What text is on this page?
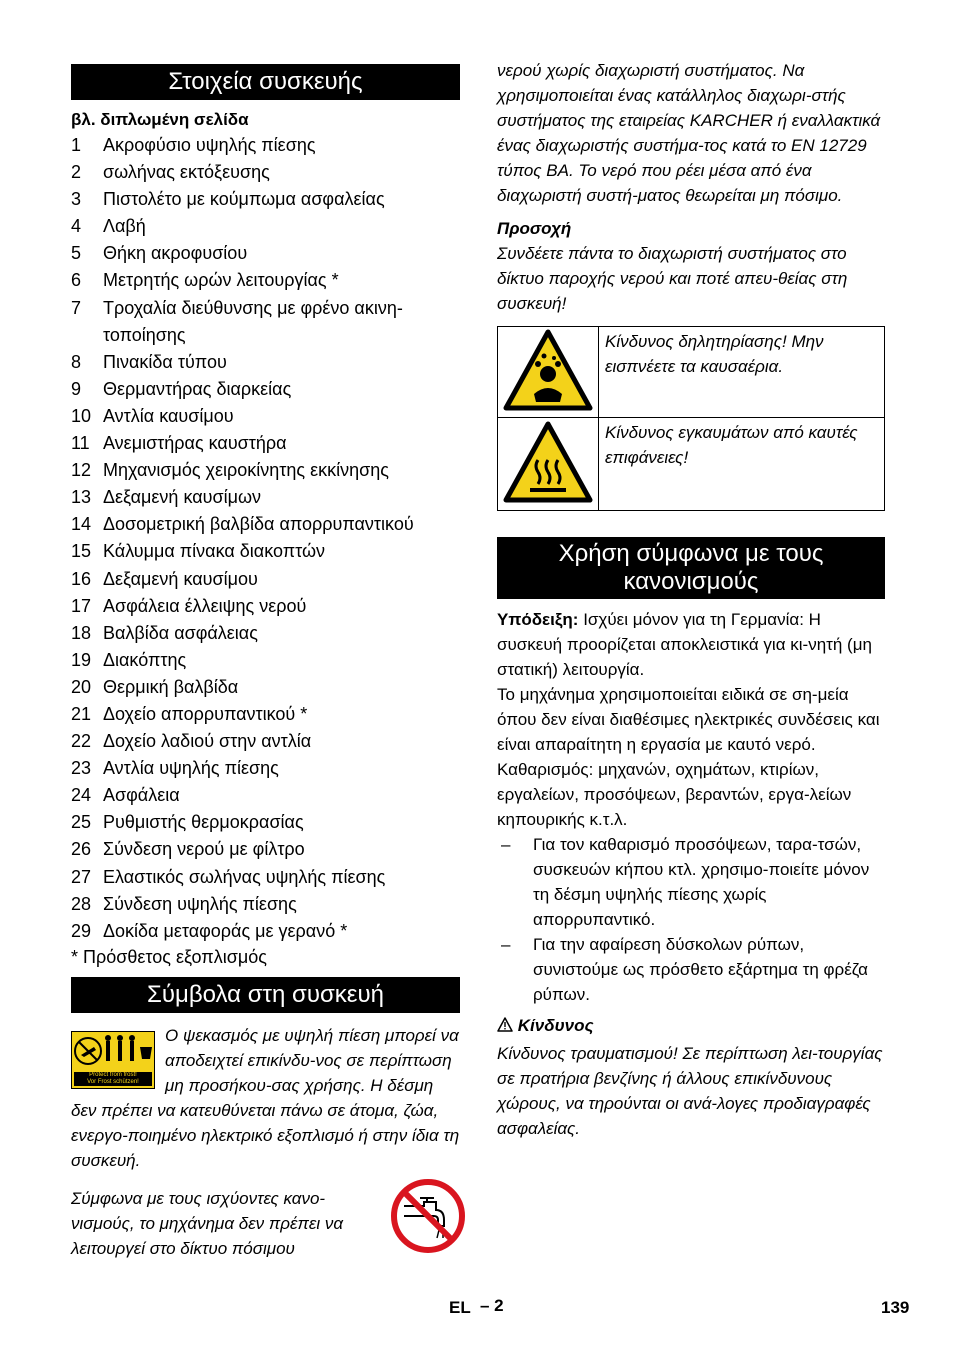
Στοιχεία συσκευής
βλ. διπλωμένη σελίδα
1	Ακροφύσιο υψηλής πίεσης
2	σωλήνας εκτόξευσης
3	Πιστολέτο με κούμπωμα ασφαλείας
4	Λαβή
5	Θήκη ακροφυσίου
6	Μετρητής ωρών λειτουργίας *
7	Τροχαλία διεύθυνσης με φρένο ακινη-τοποίησης
8	Πινακίδα τύπου
9	Θερμαντήρας διαρκείας
10 Αντλία καυσίμου
11 Ανεμιστήρας καυστήρα
12 Μηχανισμός χειροκίνητης εκκίνησης
13 Δεξαμενή καυσίμων
14 Δοσομετρική βαλβίδα απορρυπαντικού
15 Κάλυμμα πίνακα διακοπτών
16 Δεξαμενή καυσίμου
17 Ασφάλεια έλλειψης νερού
18 Βαλβίδα ασφάλειας
19 Διακόπτης
20 Θερμική βαλβίδα
21 Δοχείο απορρυπαντικού *
22 Δοχείο λαδιού στην αντλία
23 Αντλία υψηλής πίεσης
24 Ασφάλεια
25 Ρυθμιστής θερμοκρασίας
26 Σύνδεση νερού με φίλτρο
27 Ελαστικός σωλήνας υψηλής πίεσης
28 Σύνδεση υψηλής πίεσης
29 Δοκίδα μεταφοράς με γερανό *
* Πρόσθετος εξοπλισμός
Σύμβολα στη συσκευή
Protect from frost!
Vor Frost schützen!
Ο ψεκασμός με υψηλή πίεση μπορεί να αποδειχτεί επικίνδυ-νος σε περίπτωση μη προσήκου-σας χρήσης. Η δέσμη δεν πρέπει να κατευθύνεται πάνω σε άτομα, ζώα, ενεργο-ποιημένο ηλεκτρικό εξοπλισμό ή στην ίδια τη συσκευή.
Σύμφωνα με τους ισχύοντες κανο-νισμούς, το μηχάνημα δεν πρέπει να λειτουργεί στο δίκτυο πόσιμου
νερού χωρίς διαχωριστή συστήματος. Να χρησιμοποιείται ένας κατάλληλος διαχωρι-στής συστήματος της εταιρείας KARCHER ή εναλλακτικά ένας διαχωριστής συστήμα-τος κατά το EN 12729 τύπος BA. Το νερό που ρέει μέσα από ένα διαχωριστή συστή-ματος θεωρείται μη πόσιμο.
Προσοχή
Συνδέετε πάντα το διαχωριστή συστήματος στο δίκτυο παροχής νερού και ποτέ απευ-θείας στη συσκευή!
	Κίνδυνος δηλητηρίασης! Μην εισπνέετε τα καυσαέρια.
	Κίνδυνος εγκαυμάτων από καυτές επιφάνειες!
Χρήση σύμφωνα με τους κανονισμούς
Υπόδειξη: Ισχύει μόνον για τη Γερμανία: Η συσκευή προορίζεται αποκλειστικά για κι-νητή (μη στατική) λειτουργία.
Το μηχάνημα χρησιμοποιείται ειδικά σε ση-μεία όπου δεν είναι διαθέσιμες ηλεκτρικές συνδέσεις και είναι απαραίτητη η εργασία με καυτό νερό.
Καθαρισμός: μηχανών, οχημάτων, κτιρίων, εργαλείων, προσόψεων, βεραντών, εργα-λείων κηπουρικής κ.τ.λ.
–	Για τον καθαρισμό προσόψεων, ταρα-τσών, συσκευών κήπου κτλ. χρησιμο-ποιείτε μόνον τη δέσμη υψηλής πίεσης χωρίς απορρυπαντικό.
–	Για την αφαίρεση δύσκολων ρύπων, συνιστούμε ως πρόσθετο εξάρτημα τη φρέζα ρύπων.
Κίνδυνος
Κίνδυνος τραυματισμού! Σε περίπτωση λει-τουργίας σε πρατήρια βενζίνης ή άλλους επικίνδυνους χώρους, να τηρούνται οι ανά-λογες προδιαγραφές ασφαλείας.
EL – 2	139
